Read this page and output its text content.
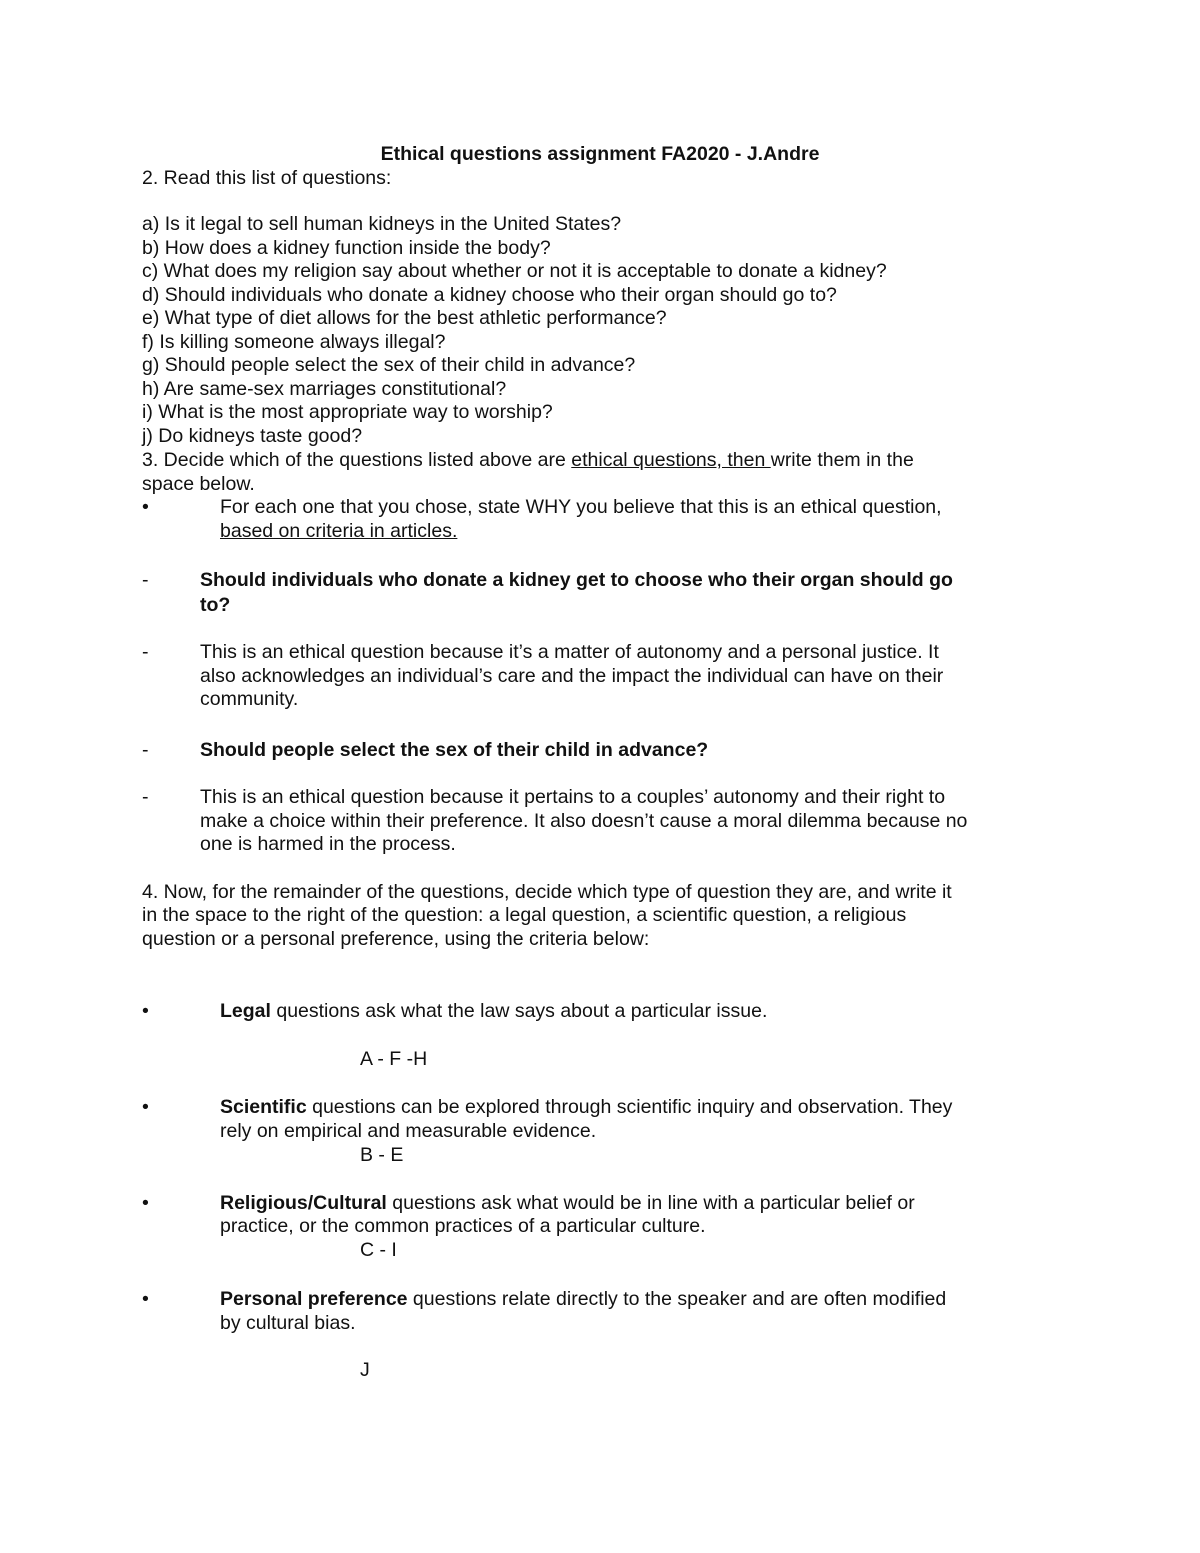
Ethical questions assignment FA2020 - J.Andre
2. Read this list of questions:
a) Is it legal to sell human kidneys in the United States?
b) How does a kidney function inside the body?
c) What does my religion say about whether or not it is acceptable to donate a kidney?
d) Should individuals who donate a kidney choose who their organ should go to?
e) What type of diet allows for the best athletic performance?
f) Is killing someone always illegal?
g) Should people select the sex of their child in advance?
h) Are same-sex marriages constitutional?
i) What is the most appropriate way to worship?
j) Do kidneys taste good?
3. Decide which of the questions listed above are ethical questions, then write them in the
space below.
•	For each one that you chose, state WHY you believe that this is an ethical question,
based on criteria in articles.
-	Should individuals who donate a kidney get to choose who their organ should go
to?
-	This is an ethical question because it’s a matter of autonomy and a personal justice. It
also acknowledges an individual’s care and the impact the individual can have on their
community.
-	Should people select the sex of their child in advance?
-	This is an ethical question because it pertains to a couples’ autonomy and their right to
make a choice within their preference. It also doesn’t cause a moral dilemma because no
one is harmed in the process.
4. Now, for the remainder of the questions, decide which type of question they are, and write it
in the space to the right of the question: a legal question, a scientific question, a religious
question or a personal preference, using the criteria below:
•	Legal questions ask what the law says about a particular issue.
A - F -H
•	Scientific questions can be explored through scientific inquiry and observation. They
rely on empirical and measurable evidence.
B - E
•	Religious/Cultural questions ask what would be in line with a particular belief or
practice, or the common practices of a particular culture.
C - I
•	Personal preference questions relate directly to the speaker and are often modified
by cultural bias.
J
